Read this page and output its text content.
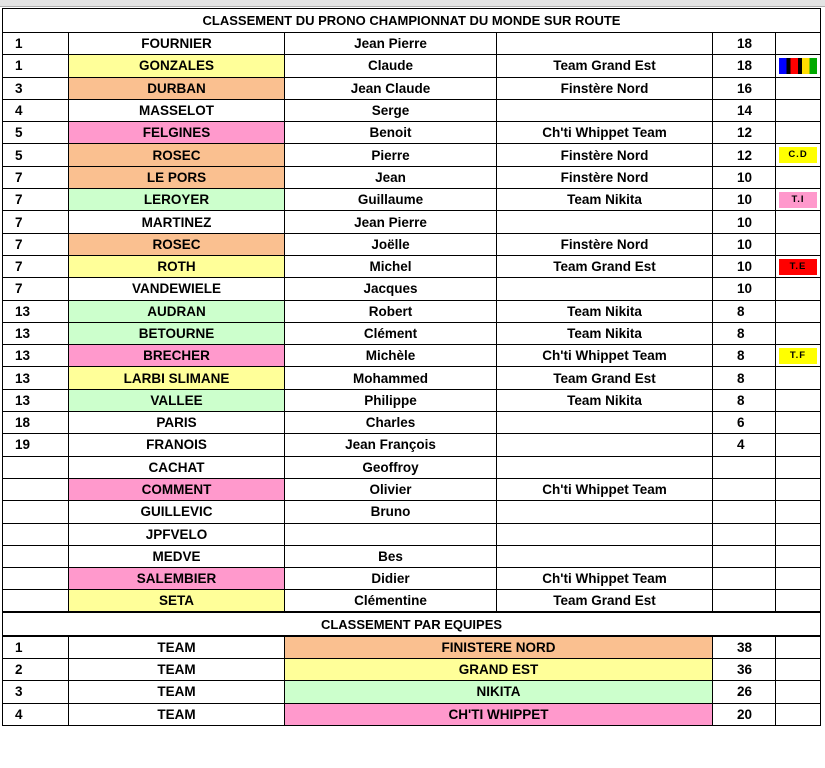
CLASSEMENT DU PRONO CHAMPIONNAT DU MONDE SUR ROUTE					
1	FOURNIER	Jean Pierre		18	
1	GONZALES	Claude	Team Grand Est	18	
3	DURBAN	Jean Claude	Finstère Nord	16	
4	MASSELOT	Serge		14	
5	FELGINES	Benoit	Ch'ti Whippet Team	12	
5	ROSEC	Pierre	Finstère Nord	12	C.D
7	LE PORS	Jean	Finstère Nord	10	
7	LEROYER	Guillaume	Team Nikita	10	T.I
7	MARTINEZ	Jean Pierre		10	
7	ROSEC	Joëlle	Finstère Nord	10	
7	ROTH	Michel	Team Grand Est	10	T.E
7	VANDEWIELE	Jacques		10	
13	AUDRAN	Robert	Team Nikita	8	
13	BETOURNE	Clément	Team Nikita	8	
13	BRECHER	Michèle	Ch'ti Whippet Team	8	T.F
13	LARBI SLIMANE	Mohammed	Team Grand Est	8	
13	VALLEE	Philippe	Team Nikita	8	
18	PARIS	Charles		6	
19	FRANOIS	Jean François		4	
	CACHAT	Geoffroy			
	COMMENT	Olivier	Ch'ti Whippet Team		
	GUILLEVIC	Bruno			
	JPFVELO				
	MEDVE	Bes			
	SALEMBIER	Didier	Ch'ti Whippet Team		
	SETA	Clémentine	Team Grand Est		
CLASSEMENT PAR EQUIPES					
1	TEAM	FINISTERE NORD		38	
2	TEAM	GRAND EST		36	
3	TEAM	NIKITA		26	
4	TEAM	CH'TI WHIPPET		20	
